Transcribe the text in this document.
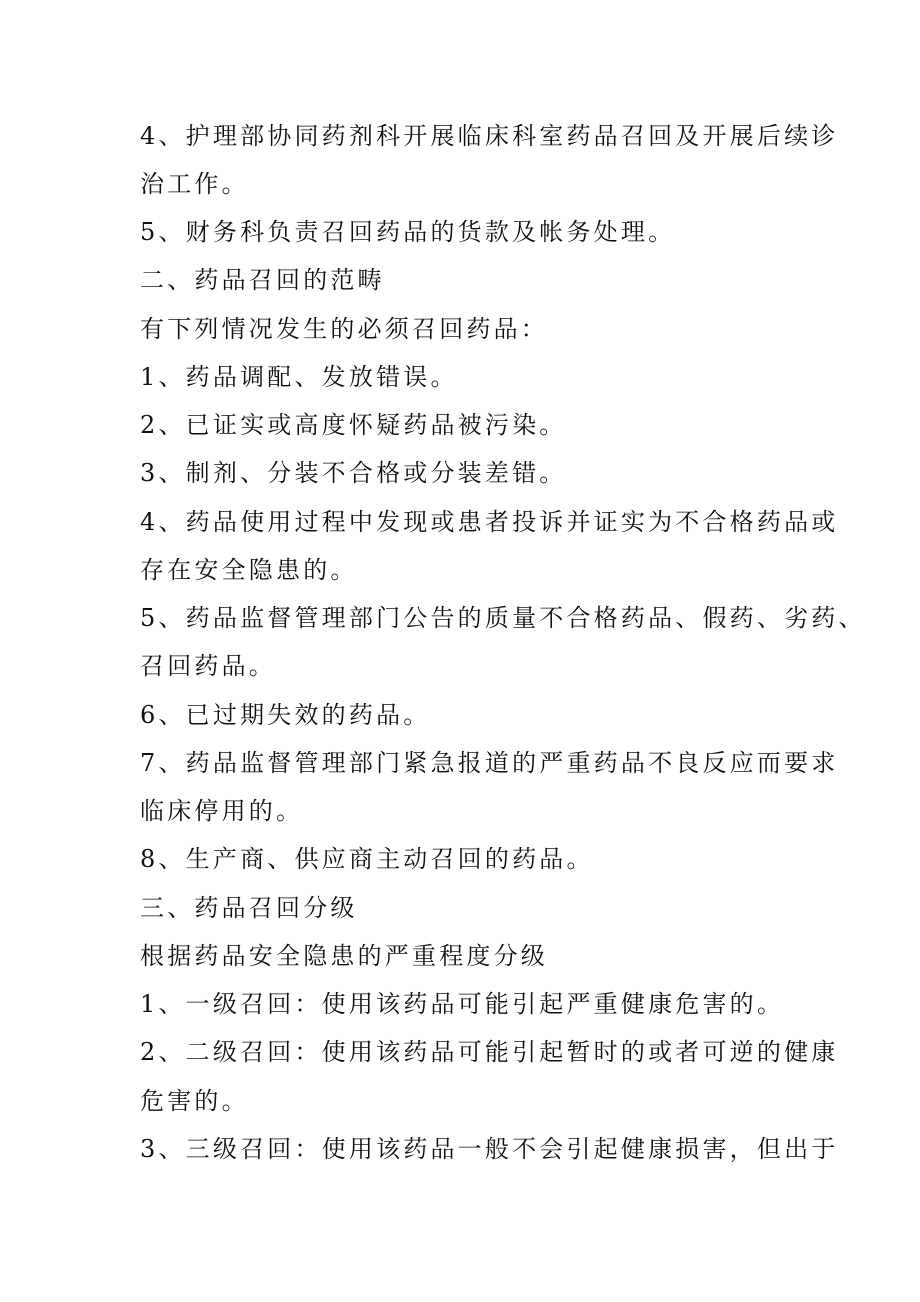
4、护理部协同药剂科开展临床科室药品召回及开展后续诊
治工作。
5、财务科负责召回药品的货款及帐务处理。
二、药品召回的范畴
有下列情况发生的必须召回药品：
1、药品调配、发放错误。
2、已证实或高度怀疑药品被污染。
3、制剂、分装不合格或分装差错。
4、药品使用过程中发现或患者投诉并证实为不合格药品或
存在安全隐患的。
5、药品监督管理部门公告的质量不合格药品、假药、劣药、
召回药品。
6、已过期失效的药品。
7、药品监督管理部门紧急报道的严重药品不良反应而要求
临床停用的。
8、生产商、供应商主动召回的药品。
三、药品召回分级
根据药品安全隐患的严重程度分级
1、一级召回：使用该药品可能引起严重健康危害的。
2、二级召回：使用该药品可能引起暂时的或者可逆的健康
危害的。
3、三级召回：使用该药品一般不会引起健康损害，但出于
